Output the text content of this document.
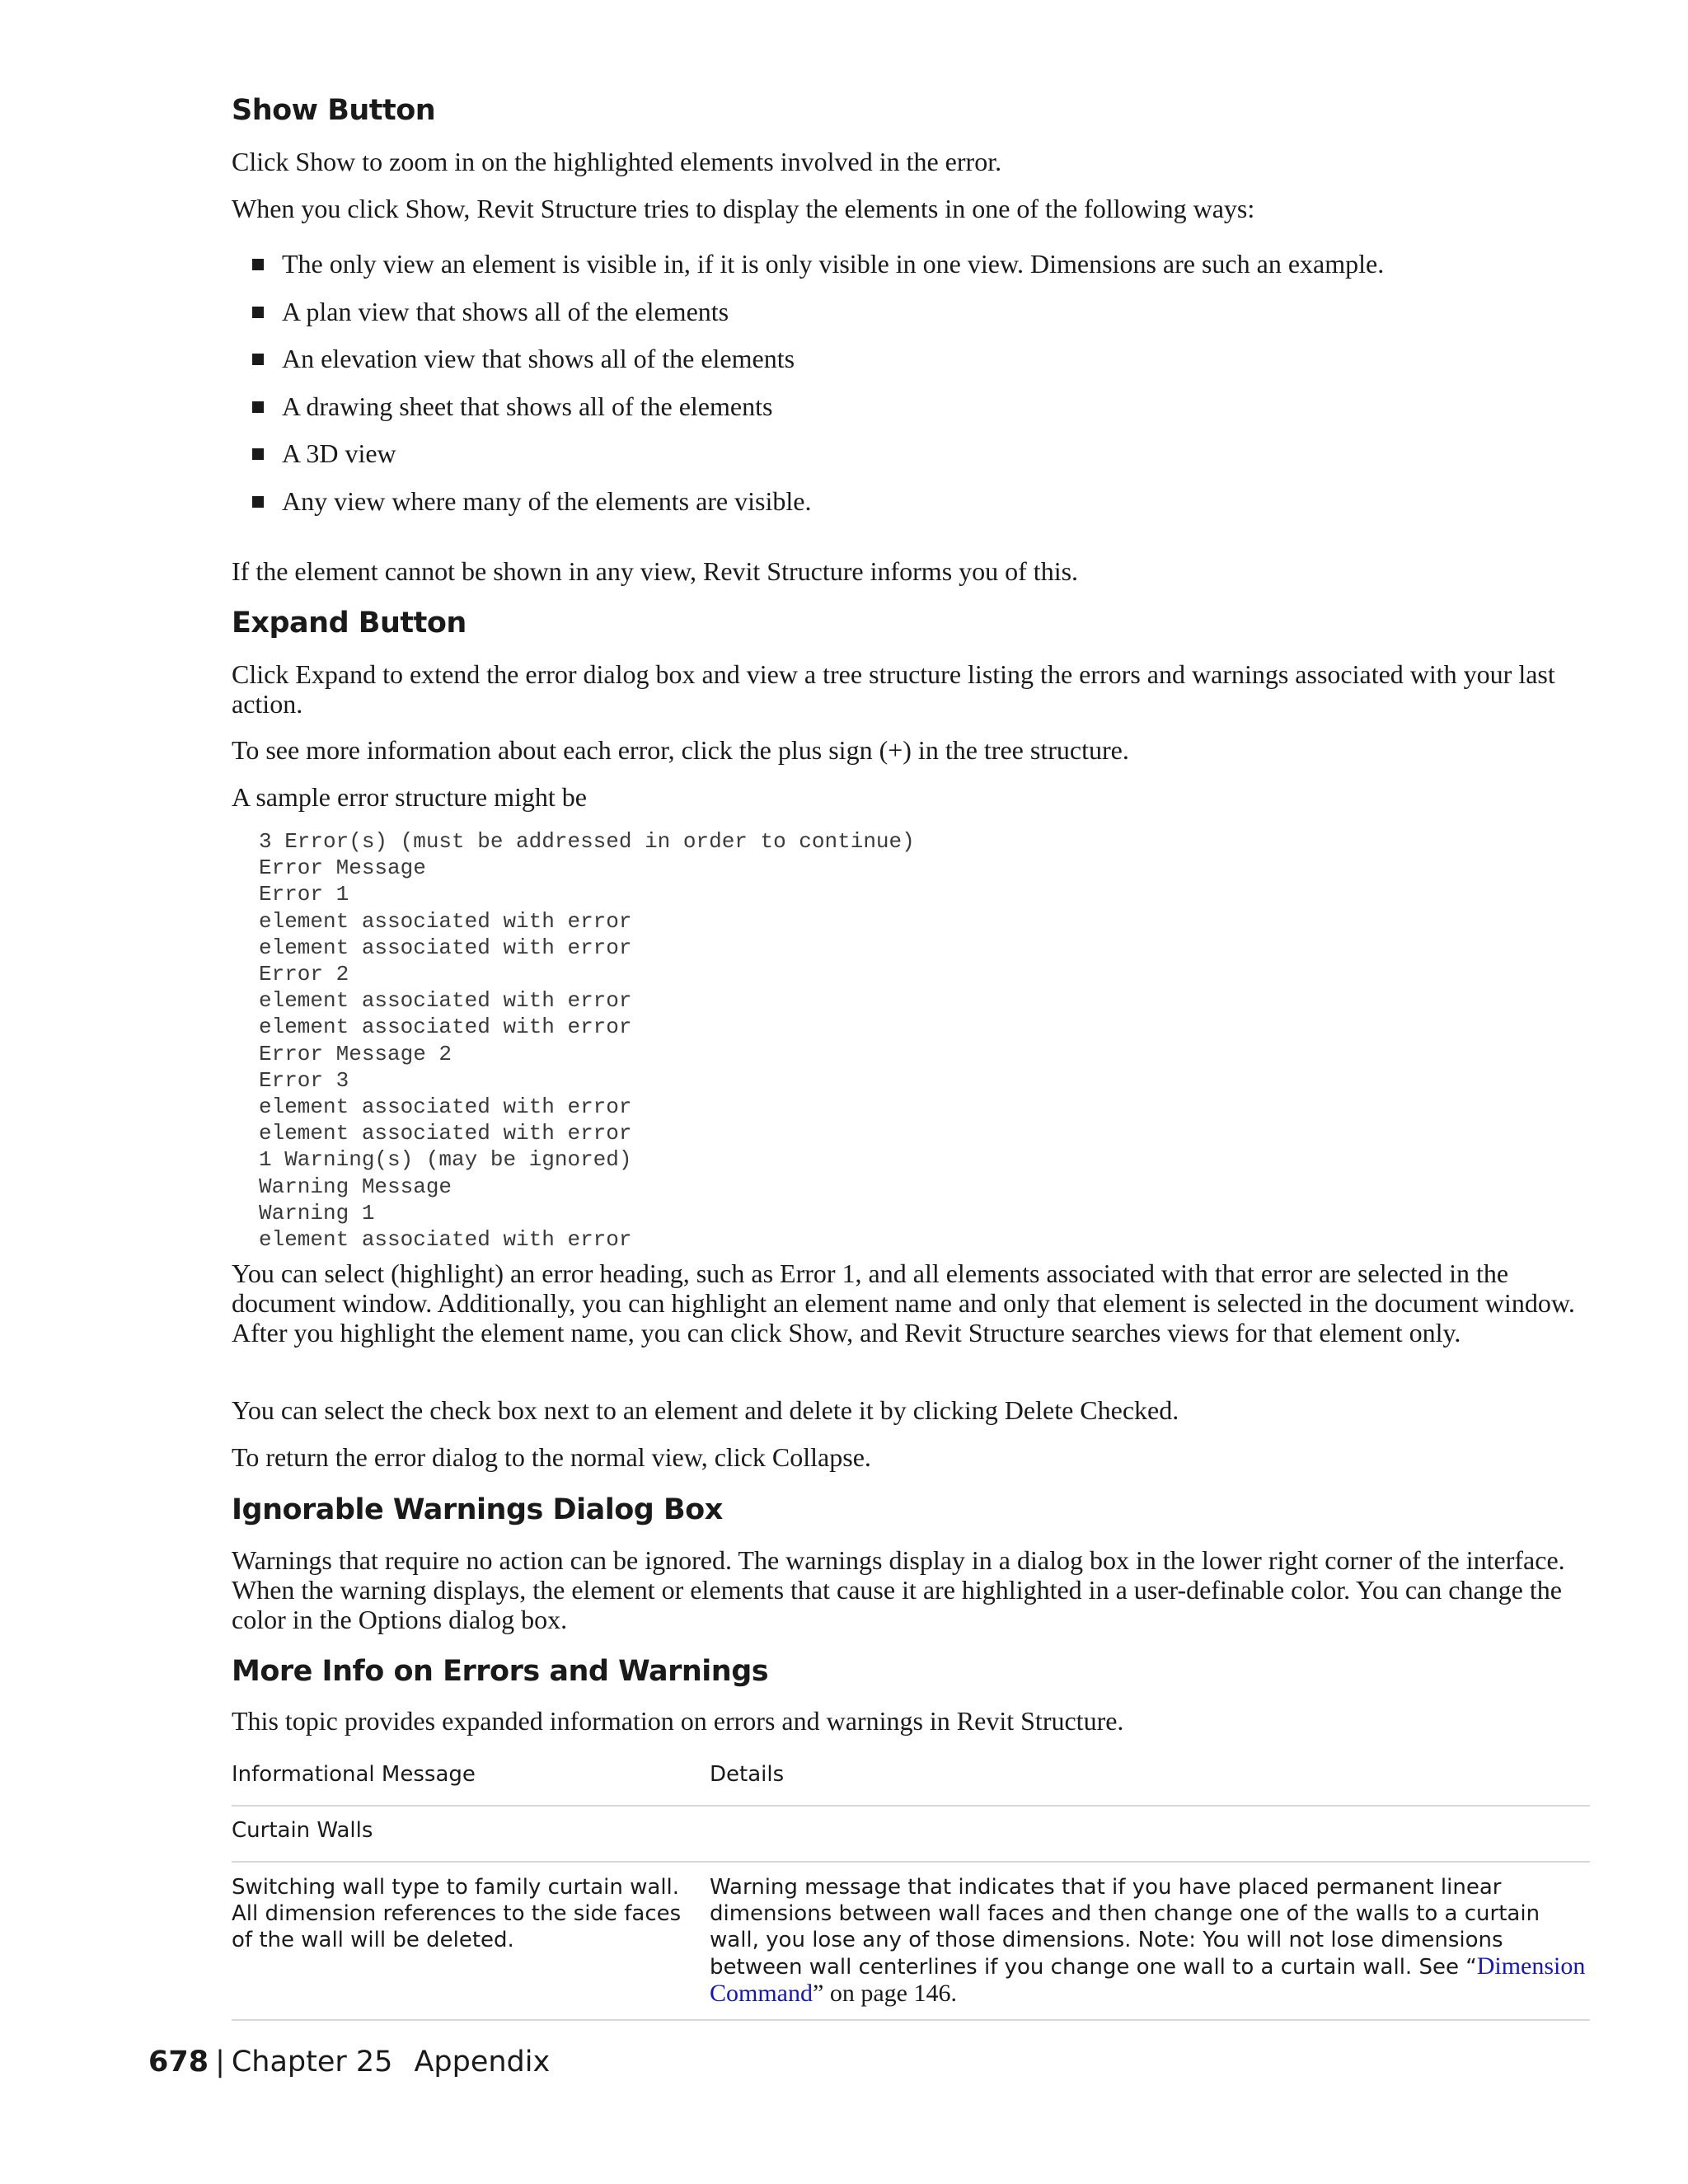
Show Button

Click Show to zoom in on the highlighted elements involved in the error.

When you click Show, Revit Structure tries to display the elements in one of the following ways:

The only view an element is visible in, if it is only visible in one view. Dimensions are such an example.
A plan view that shows all of the elements
An elevation view that shows all of the elements
A drawing sheet that shows all of the elements
A 3D view
Any view where many of the elements are visible.

If the element cannot be shown in any view, Revit Structure informs you of this.

Expand Button

Click Expand to extend the error dialog box and view a tree structure listing the errors and warnings associated with your last action.

To see more information about each error, click the plus sign (+) in the tree structure.

A sample error structure might be

3 Error(s) (must be addressed in order to continue)
Error Message
Error 1
element associated with error
element associated with error
Error 2
element associated with error
element associated with error
Error Message 2
Error 3
element associated with error
element associated with error
1 Warning(s) (may be ignored)
Warning Message
Warning 1
element associated with error

You can select (highlight) an error heading, such as Error 1, and all elements associated with that error are selected in the document window. Additionally, you can highlight an element name and only that element is selected in the document window. After you highlight the element name, you can click Show, and Revit Structure searches views for that element only.

You can select the check box next to an element and delete it by clicking Delete Checked.

To return the error dialog to the normal view, click Collapse.

Ignorable Warnings Dialog Box

Warnings that require no action can be ignored. The warnings display in a dialog box in the lower right corner of the interface. When the warning displays, the element or elements that cause it are highlighted in a user-definable color. You can change the color in the Options dialog box.

More Info on Errors and Warnings

This topic provides expanded information on errors and warnings in Revit Structure.

Informational Message	Details
Curtain Walls	
Switching wall type to family curtain wall. All dimension references to the side faces of the wall will be deleted.	Warning message that indicates that if you have placed permanent linear dimensions between wall faces and then change one of the walls to a curtain wall, you lose any of those dimensions. Note: You will not lose dimensions between wall centerlines if you change one wall to a curtain wall. See “Dimension Command” on page 146.
678 | Chapter 25 Appendix
